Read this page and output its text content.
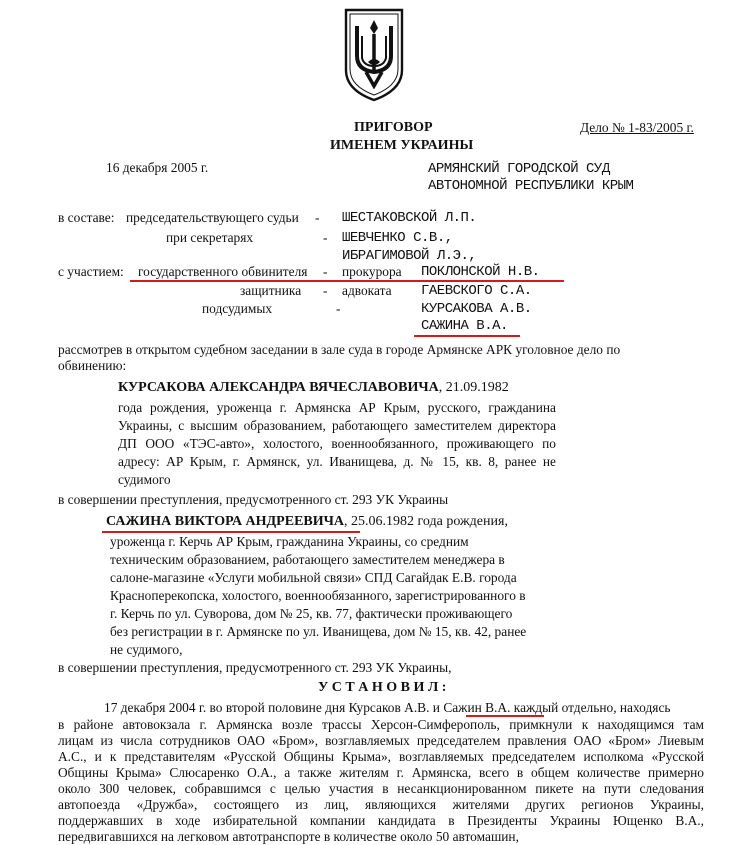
ПРИГОВОР
ИМЕНЕМ УКРАИНЫ
Дело № 1-83/2005 г.
16 декабря 2005 г.	АРМЯНСКИЙ ГОРОДСКОЙ СУД
АВТОНОМНОЙ РЕСПУБЛИКИ КРЫМ
в составе: председательствующего судьи - ШЕСТАКОВСКОЙ Л.П.
при секретарях	- ШЕВЧЕНКО С.В.,
ИБРАГИМОВОЙ Л.Э.,
с участием: государственного обвинителя - прокурора ПОКЛОНСКОЙ Н.В.
защитника - адвоката ГАЕВСКОГО С.А.
подсудимых	-	КУРСАКОВА А.В.
САЖИНА В.А.
рассмотрев в открытом судебном заседании в зале суда в городе Армянске АРК уголовное дело по
обвинению:
КУРСАКОВА АЛЕКСАНДРА ВЯЧЕСЛАВОВИЧА, 21.09.1982
года рождения, уроженца г. Армянска АР Крым, русского, гражданина
Украины, с высшим образованием, работающего заместителем директора
ДП ООО «ТЭС-авто», холостого, военнообязанного, проживающего по
адресу: АР Крым, г. Армянск, ул. Иванищева, д. № 15, кв. 8, ранее не
судимого
в совершении преступления, предусмотренного ст. 293 УК Украины
САЖИНА ВИКТОРА АНДРЕЕВИЧА, 25.06.1982 года рождения,
уроженца г. Керчь АР Крым, гражданина Украины, со средним
техническим образованием, работающего заместителем менеджера в
салоне-магазине «Услуги мобильной связи» СПД Сагайдак Е.В. города
Красноперекопска, холостого, военнообязанного, зарегистрированного в
г. Керчь по ул. Суворова, дом № 25, кв. 77, фактически проживающего
без регистрации в г. Армянске по ул. Иванищева, дом № 15, кв. 42, ранее
не судимого,
в совершении преступления, предусмотренного ст. 293 УК Украины,
У С Т А Н О В И Л :
17 декабря 2004 г. во второй половине дня Курсаков А.В. и Сажин В.А. каждый отдельно, находясь
в районе автовокзала г. Армянска возле трассы Херсон-Симферополь, примкнули к находящимся там
лицам из числа сотрудников ОАО «Бром», возглавляемых председателем правления ОАО «Бром» Лиевым
А.С., и к представителям «Русской Общины Крыма», возглавляемых председателем исполкома «Русской
Общины Крыма» Слюсаренко О.А., а также жителям г. Армянска, всего в общем количестве примерно
около 300 человек, собравшимся с целью участия в несанкционированном пикете на пути следования
автопоезда «Дружба», состоящего из лиц, являющихся жителями других регионов Украины,
поддержавших в ходе избирательной компании кандидата в Президенты Украины Ющенко В.А.,
передвигавшихся на легковом автотранспорте в количестве около 50 автомашин,
